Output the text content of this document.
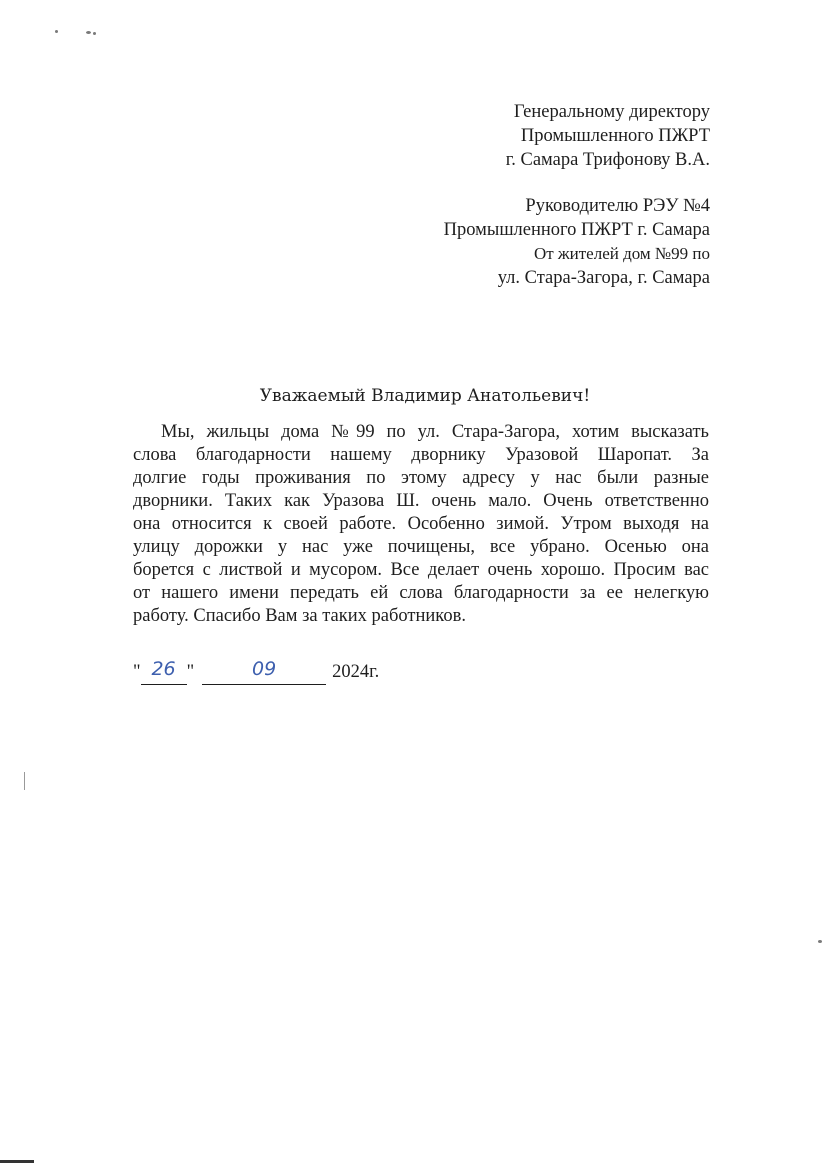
Генеральному директору
Промышленного ПЖРТ
г. Самара Трифонову В.А.
Руководителю РЭУ №4
Промышленного ПЖРТ г. Самара
От жителей дом №99 по
ул. Стара-Загора, г. Самара
Уважаемый Владимир Анатольевич!
Мы, жильцы дома №99 по ул. Стара-Загора, хотим высказать
слова благодарности нашему дворнику Уразовой Шаропат. За
долгие годы проживания по этому адресу у нас были разные
дворники. Таких как Уразова Ш. очень мало. Очень ответственно
она относится к своей работе. Особенно зимой. Утром выходя на
улицу дорожки у нас уже почищены, все убрано. Осенью она
борется с листвой и мусором. Все делает очень хорошо. Просим вас
от нашего имени передать ей слова благодарности за ее нелегкую
работу. Спасибо Вам за таких работников.
" 26 "	09	2024г.
